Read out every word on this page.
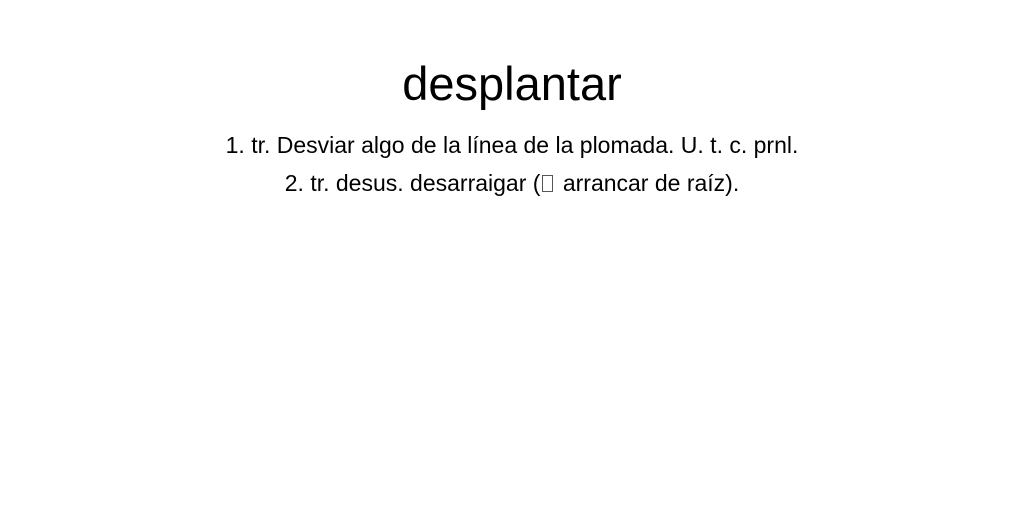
desplantar

1. tr. Desviar algo de la línea de la plomada. U. t. c. prnl.

2. tr. desus. desarraigar ( arrancar de raíz).
